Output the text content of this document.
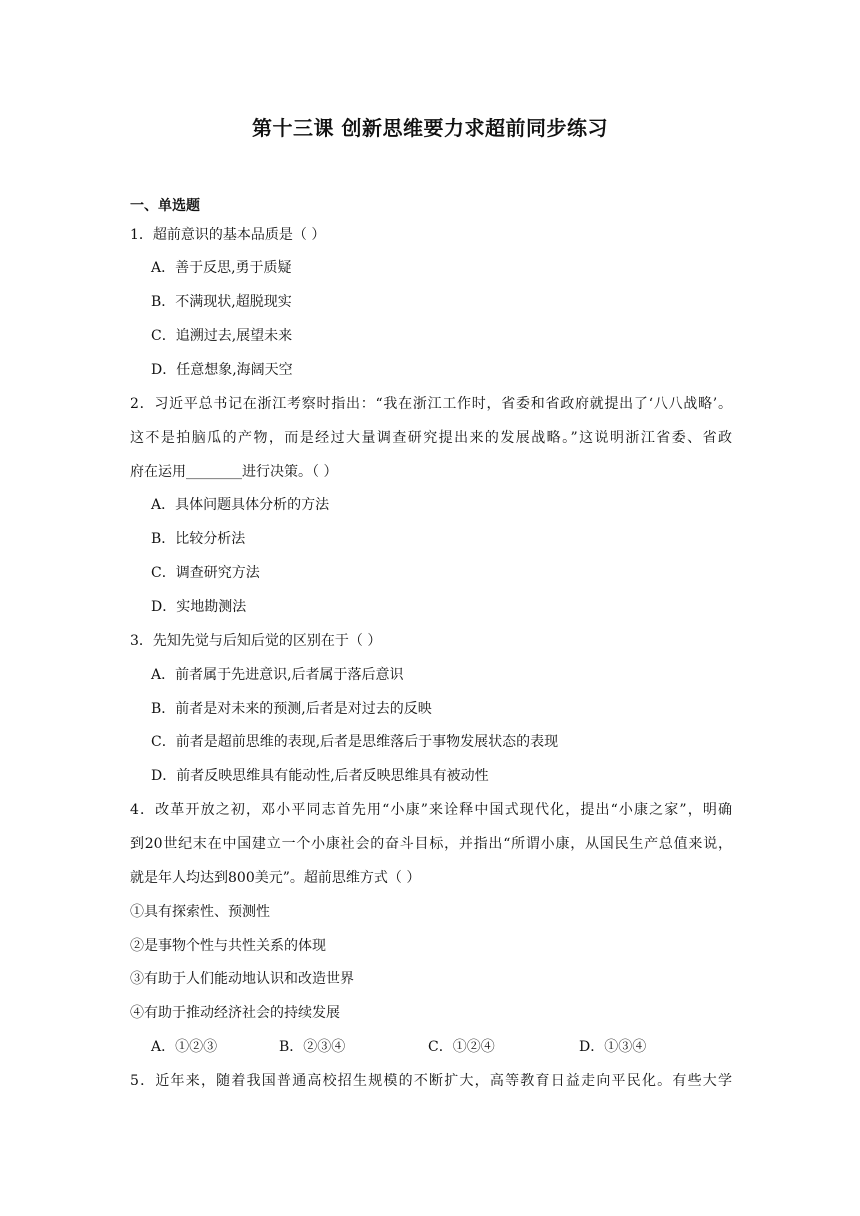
第十三课 创新思维要力求超前同步练习
一、单选题
1．超前意识的基本品质是（ ）
A．善于反思,勇于质疑
B．不满现状,超脱现实
C．追溯过去,展望未来
D．任意想象,海阔天空
2．习近平总书记在浙江考察时指出：“我在浙江工作时，省委和省政府就提出了‘八八战略’。
这不是拍脑瓜的产物，而是经过大量调查研究提出来的发展战略。”这说明浙江省委、省政
府在运用________进行决策。（ ）
A．具体问题具体分析的方法
B．比较分析法
C．调查研究方法
D．实地勘测法
3．先知先觉与后知后觉的区别在于（ ）
A．前者属于先进意识,后者属于落后意识
B．前者是对未来的预测,后者是对过去的反映
C．前者是超前思维的表现,后者是思维落后于事物发展状态的表现
D．前者反映思维具有能动性,后者反映思维具有被动性
4．改革开放之初，邓小平同志首先用“小康”来诠释中国式现代化，提出“小康之家”，明确
到20世纪末在中国建立一个小康社会的奋斗目标，并指出“所谓小康，从国民生产总值来说，
就是年人均达到800美元”。超前思维方式（ ）
①具有探索性、预测性
②是事物个性与共性关系的体现
③有助于人们能动地认识和改造世界
④有助于推动经济社会的持续发展
A．①②③	B．②③④	C．①②④	D．①③④
5．近年来，随着我国普通高校招生规模的不断扩大，高等教育日益走向平民化。有些大学
